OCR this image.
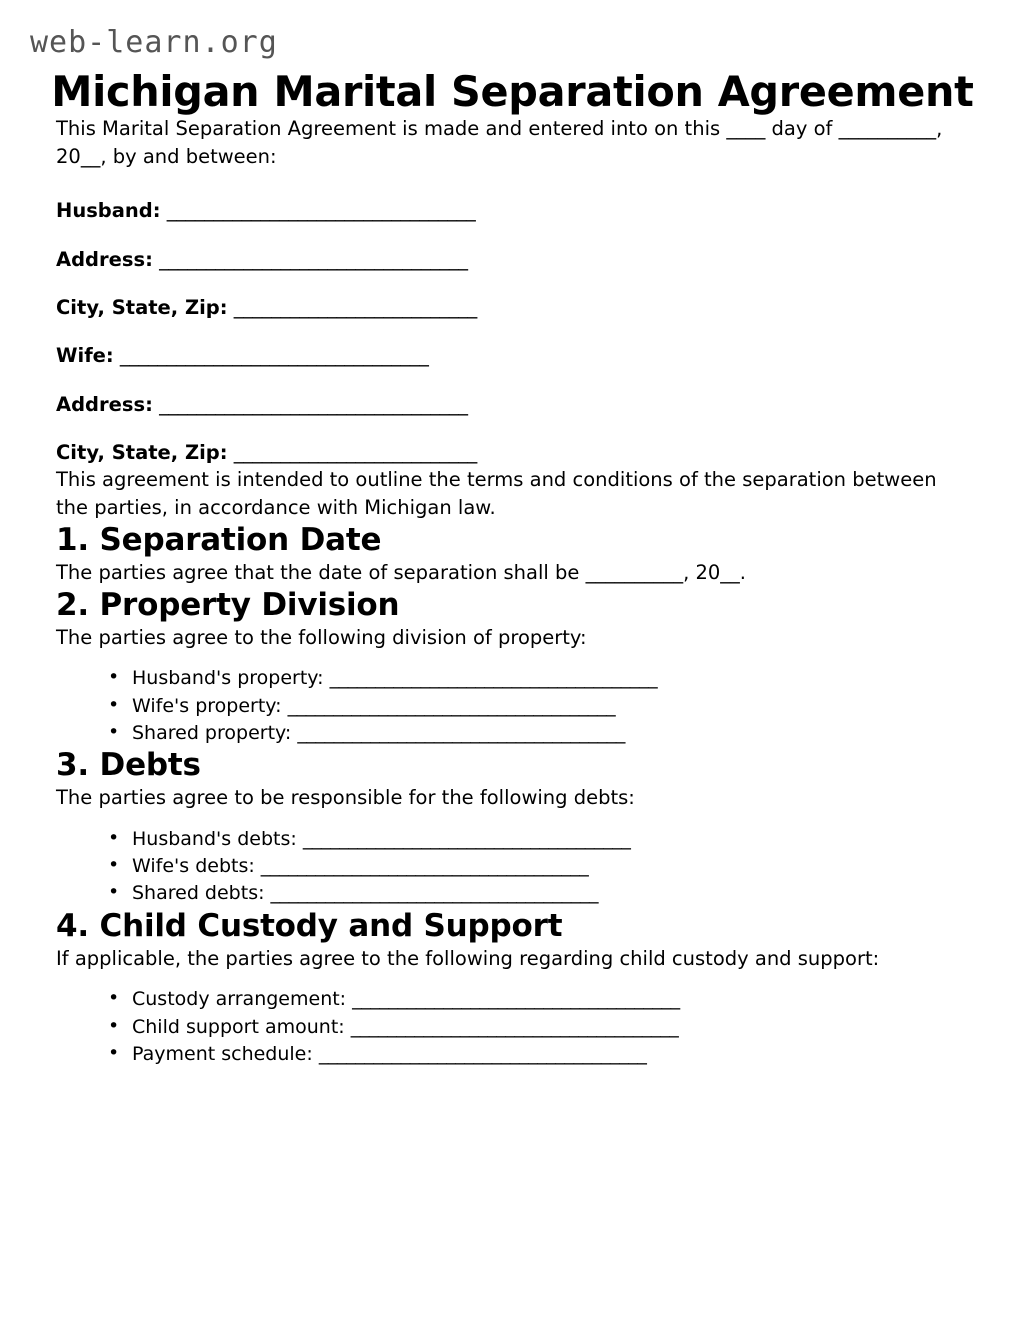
web-learn.org
Michigan Marital Separation Agreement

This Marital Separation Agreement is made and entered into on this ____ day of __________, 20__, by and between:

Husband: _________________________________
Address: _________________________________
City, State, Zip: __________________________
Wife: _________________________________
Address: _________________________________
City, State, Zip: __________________________

This agreement is intended to outline the terms and conditions of the separation between the parties, in accordance with Michigan law.

1. Separation Date

The parties agree that the date of separation shall be __________, 20__.

2. Property Division

The parties agree to the following division of property:

• Husband's property: ____________________________________
• Wife's property: ____________________________________
• Shared property: ____________________________________
3. Debts

The parties agree to be responsible for the following debts:

• Husband's debts: ____________________________________
• Wife's debts: ____________________________________
• Shared debts: ____________________________________
4. Child Custody and Support

If applicable, the parties agree to the following regarding child custody and support:

• Custody arrangement: ____________________________________
• Child support amount: ____________________________________
• Payment schedule: ____________________________________
